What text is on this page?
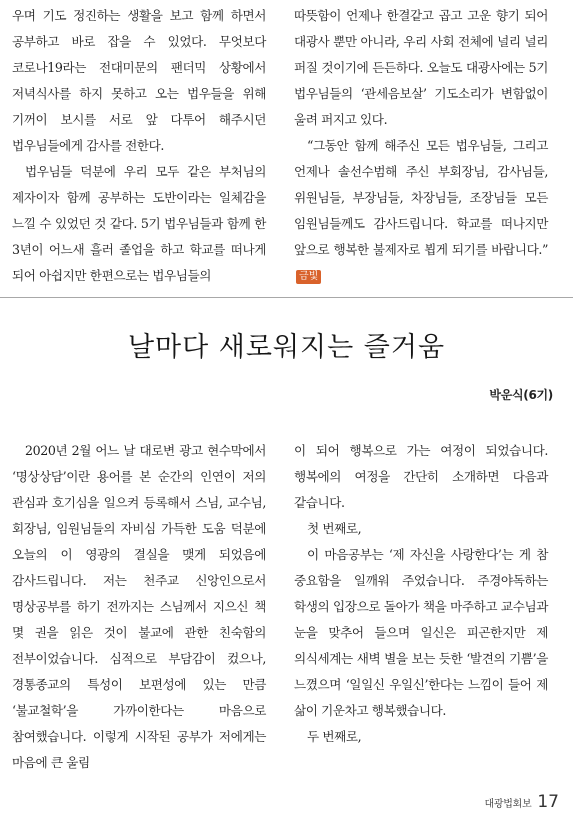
우며 기도 정진하는 생활을 보고 함께 하면서 공부하고 바로 잡을 수 있었다. 무엇보다 코로나19라는 전대미문의 팬더믹 상황에서 저녁식사를 하지 못하고 오는 법우들을 위해 기꺼이 보시를 서로 앞 다투어 해주시던 법우님들에게 감사를 전한다.

법우님들 덕분에 우리 모두 같은 부처님의 제자이자 함께 공부하는 도반이라는 일체감을 느낄 수 있었던 것 같다. 5기 법우님들과 함께 한 3년이 어느새 흘러 졸업을 하고 학교를 떠나게 되어 아쉽지만 한편으로는 법우님들의

따뜻함이 언제나 한결같고 곱고 고운 향기 되어 대광사 뿐만 아니라, 우리 사회 전체에 널리 널리 퍼질 것이기에 든든하다. 오늘도 대광사에는 5기 법우님들의 ‘관세음보살’ 기도소리가 변함없이 울려 퍼지고 있다.

“그동안 함께 해주신 모든 법우님들, 그리고 언제나 솔선수범해 주신 부회장님, 감사님들, 위원님들, 부장님들, 차장님들, 조장님들 모든 임원님들께도 감사드립니다. 학교를 떠나지만 앞으로 행복한 불제자로 뵙게 되기를 바랍니다.”금빛

날마다 새로워지는 즐거움
박운식(6기)

2020년 2월 어느 날 대로변 광고 현수막에서 ‘명상상담’이란 용어를 본 순간의 인연이 저의 관심과 호기심을 일으켜 등록해서 스님, 교수님, 회장님, 임원님들의 자비심 가득한 도움 덕분에 오늘의 이 영광의 결실을 맺게 되었음에 감사드립니다. 저는 천주교 신앙인으로서 명상공부를 하기 전까지는 스님께서 지으신 책 몇 권을 읽은 것이 불교에 관한 친숙함의 전부이었습니다. 심적으로 부담감이 컸으나, 경통종교의 특성이 보편성에 있는 만큼 ‘불교철학’을 가까이한다는 마음으로 참여했습니다. 이렇게 시작된 공부가 저에게는 마음에 큰 울림

이 되어 행복으로 가는 여정이 되었습니다. 행복에의 여정을 간단히 소개하면 다음과 같습니다.

첫 번째로,

이 마음공부는 ‘제 자신을 사랑한다’는 게 참 중요함을 일깨워 주었습니다. 주경야독하는 학생의 입장으로 돌아가 책을 마주하고 교수님과 눈을 맞추어 들으며 일신은 피곤한지만 제 의식세계는 새벽 별을 보는 듯한 ‘발견의 기쁨’을 느꼈으며 ‘일일신 우일신’한다는 느낌이 들어 제 삶이 기운차고 행복했습니다.

두 번째로,

대광법회보 17
